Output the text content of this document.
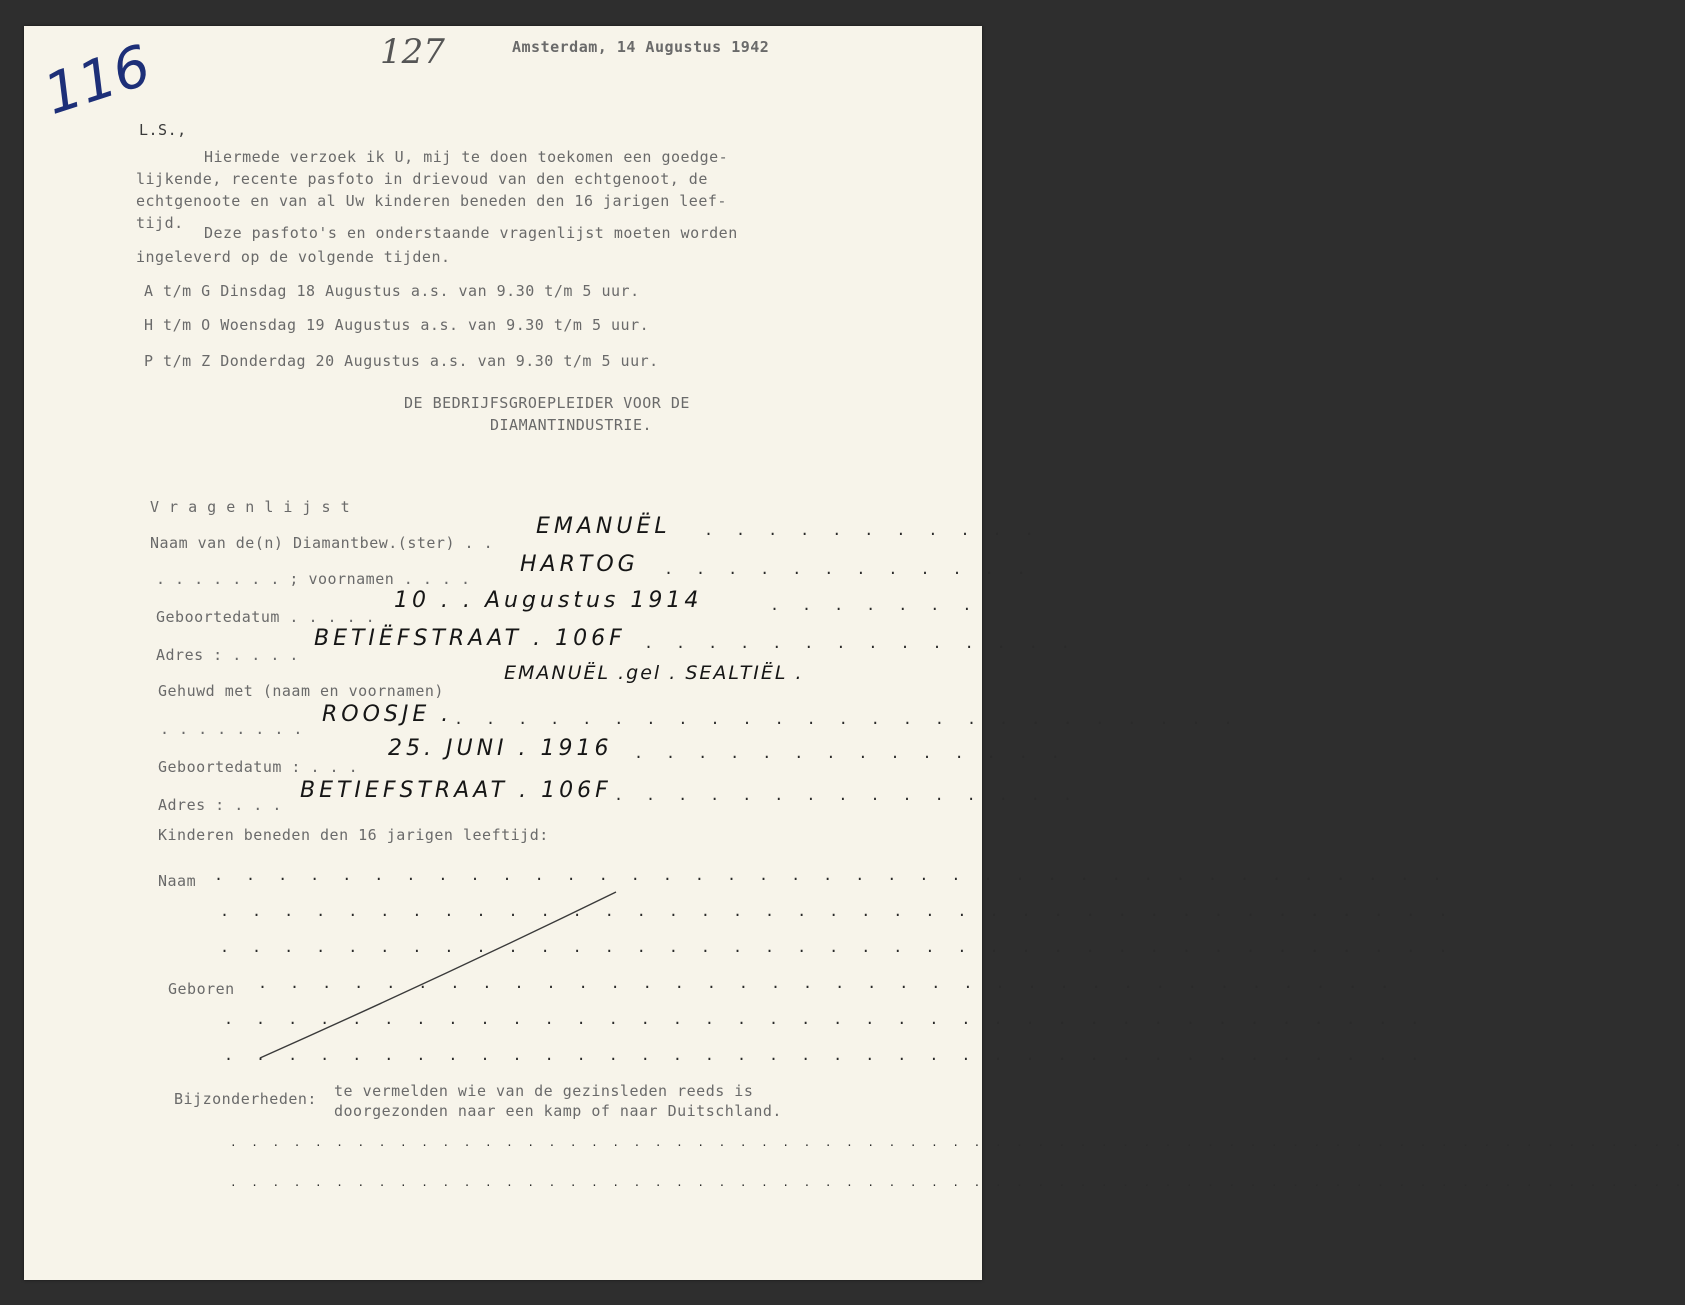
116	127	Amsterdam, 14 Augustus 1942
L.S.,
Hiermede verzoek ik U, mij te doen toekomen een goedge-
lijkende, recente pasfoto in drievoud van den echtgenoot, de
echtgenoote en van al Uw kinderen beneden den 16 jarigen leef-
tijd.
Deze pasfoto's en onderstaande vragenlijst moeten worden
ingeleverd op de volgende tijden.
A t/m G Dinsdag 18 Augustus a.s. van 9.30 t/m 5 uur.
H t/m O Woensdag 19 Augustus a.s. van 9.30 t/m 5 uur.
P t/m Z Donderdag 20 Augustus a.s. van 9.30 t/m 5 uur.
DE BEDRIJFSGROEPLEIDER VOOR DE
DIAMANTINDUSTRIE.
V r a g e n l i j s t
Naam van de(n) Diamantbew.(ster) . .
EMANUËL . . . . . . . . . . .
. . . . . . . ; voornamen . . . .
HARTOG . . . . . . . . . . . .
Geboortedatum . . . . .
10 . . Augustus 1914	. . . . . . .
Adres : . . . .
BETIËFSTRAAT . 106F . . . . . . . . . . . . . .
Gehuwd met (naam en voornamen)
EMANUËL .gel . SEALTIËL .
. . . . . . . .
ROOSJE . . . . . . . . . . . . . . . . . . . . . . . . . .
Geboortedatum : . . .
25. JUNI . 1916 . . . . . . . . . . . . . .
Adres : . . .
BETIEFSTRAAT . 106F . . . . . . . . . . . . . . .
Kinderen beneden den 16 jarigen leeftijd:
Naam . . . . . . . . . . . . . . . . . . . . . . . . . . . . . . . . . . . . . . .
. . . . . . . . . . . . . . . . . . . . . . . . . . . . . . . . . . . . . . .
. . . . . . . . . . . . . . . . . . . . . . . . . . . . . . . . . . . . . . .
Geboren . . . . . . . . . . . . . . . . . . . . . . . . . . . . . . . . . . . .
. . . . . . . . . . . . . . . . . . . . . . . . . . . . . . . . . . . . . .
. . . . . . . . . . . . . . . . . . . . . . . . . . . . . . . . . . . . . .
Bijzonderheden: te vermelden wie van de gezinsleden reeds is
doorgezonden naar een kamp of naar Duitschland.
. . . . . . . . . . . . . . . . . . . . . . . . . . . . . . . . . . . . . . . . . . . . . . . . . . . . . . . . . . . . . . . . . . . . .
. . . . . . . . . . . . . . . . . . . . . . . . . . . . . . . . . . . . . . . . . . . . . . . . . . . . . . . . . . . . . . . . . . . . .
